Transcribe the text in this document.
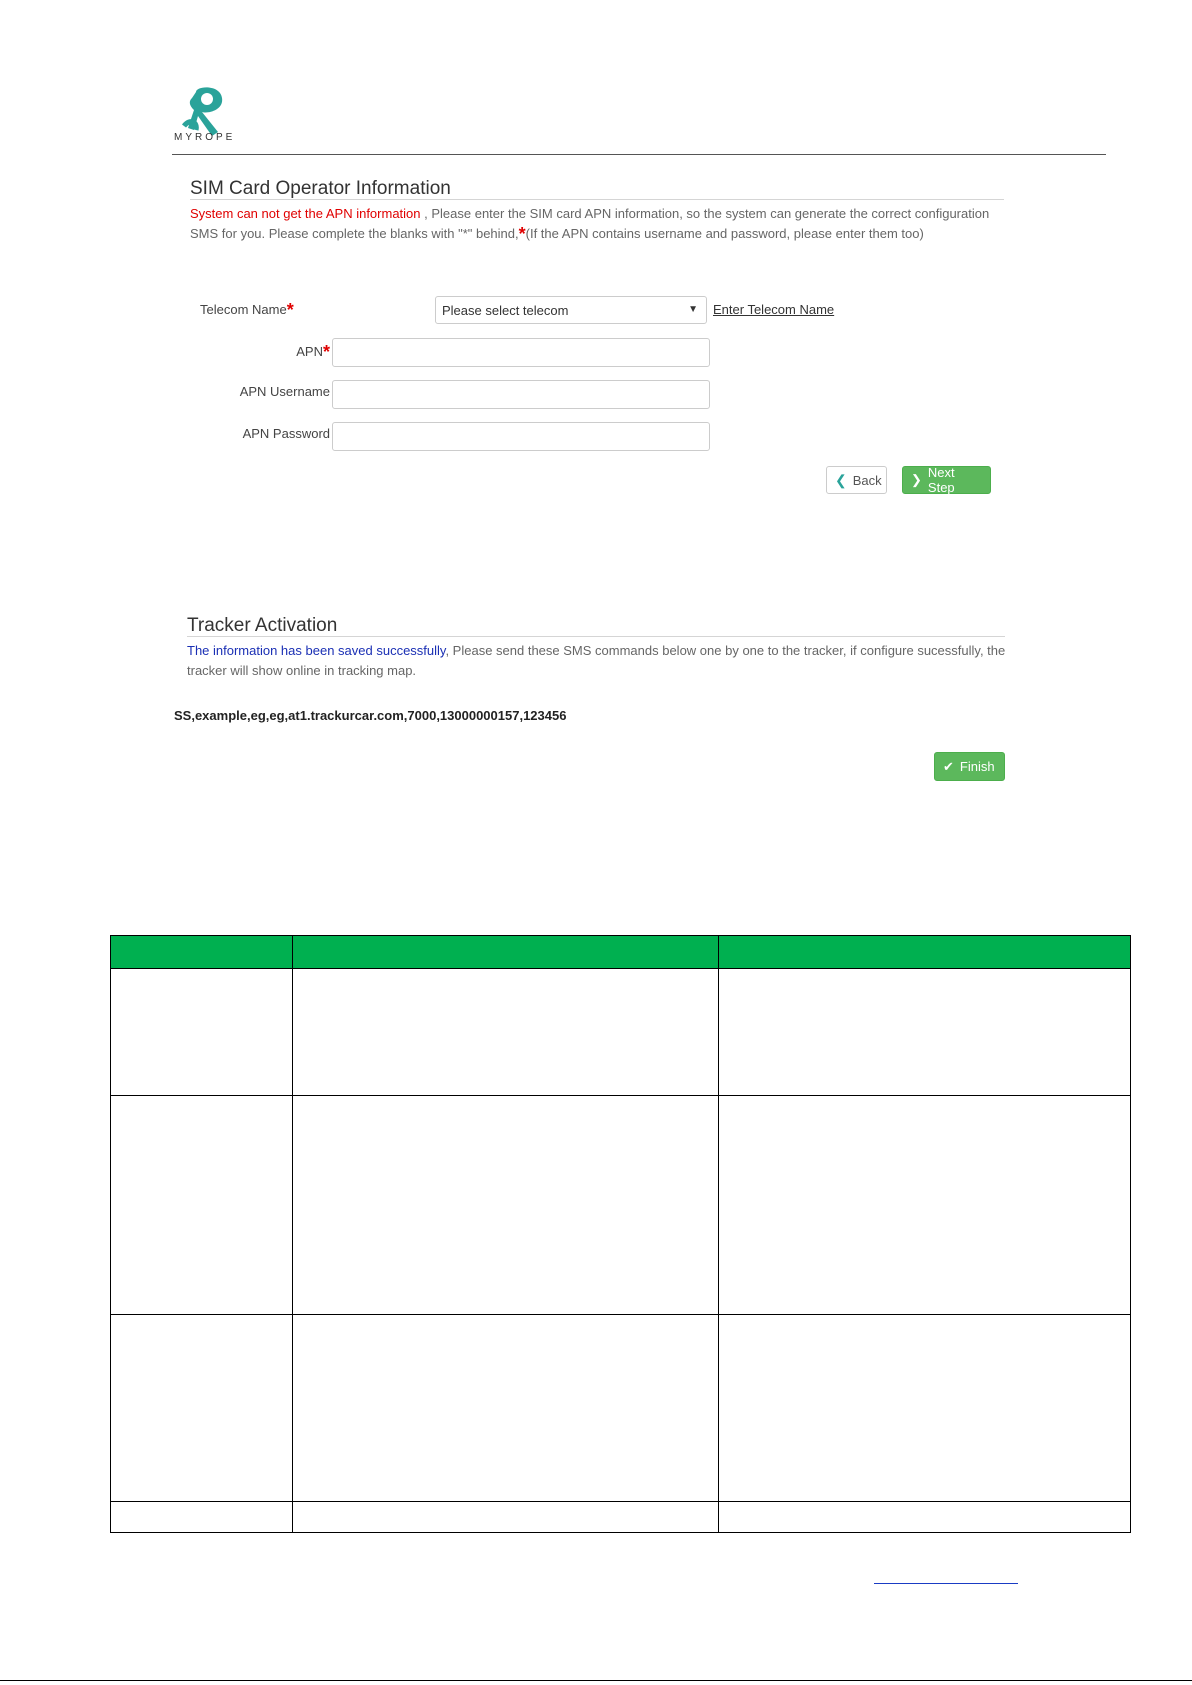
MYROPE
SIM Card Operator Information
System can not get the APN information , Please enter the SIM card APN information, so the system can generate the correct configuration SMS for you. Please complete the blanks with "*" behind,*(If the APN contains username and password, please enter them too)
Telecom Name*	Please select telecom	▼ Enter Telecom Name
APN*
APN Username
APN Password
❮ Back ❯ Next Step
Tracker Activation
The information has been saved successfully, Please send these SMS commands below one by one to the tracker, if configure sucessfully, the tracker will show online in tracking map.
SS,example,eg,eg,at1.trackurcar.com,7000,13000000157,123456
✔ Finish
